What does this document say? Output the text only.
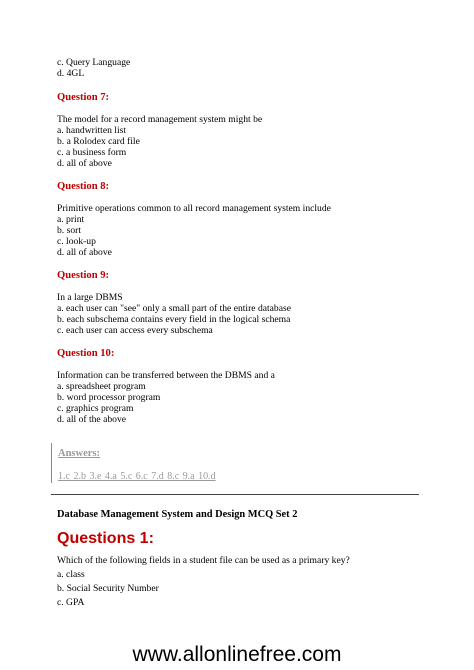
c. Query Language
d. 4GL
Question 7:
The model for a record management system might be
a. handwritten list
b. a Rolodex card file
c. a business form
d. all of above
Question 8:
Primitive operations common to all record management system include
a. print
b. sort
c. look-up
d. all of above
Question 9:
In a large DBMS
a. each user can "see" only a small part of the entire database
b. each subschema contains every field in the logical schema
c. each user can access every subschema
Question 10:
Information can be transferred between the DBMS and a
a. spreadsheet program
b. word processor program
c. graphics program
d. all of the above
Answers:
1.c 2.b 3.e 4.a 5.c 6.c 7.d 8.c 9.a 10.d
Database Management System and Design MCQ Set 2
Questions 1:
Which of the following fields in a student file can be used as a primary key?
a. class
b. Social Security Number
c. GPA
www.allonlinefree.com
